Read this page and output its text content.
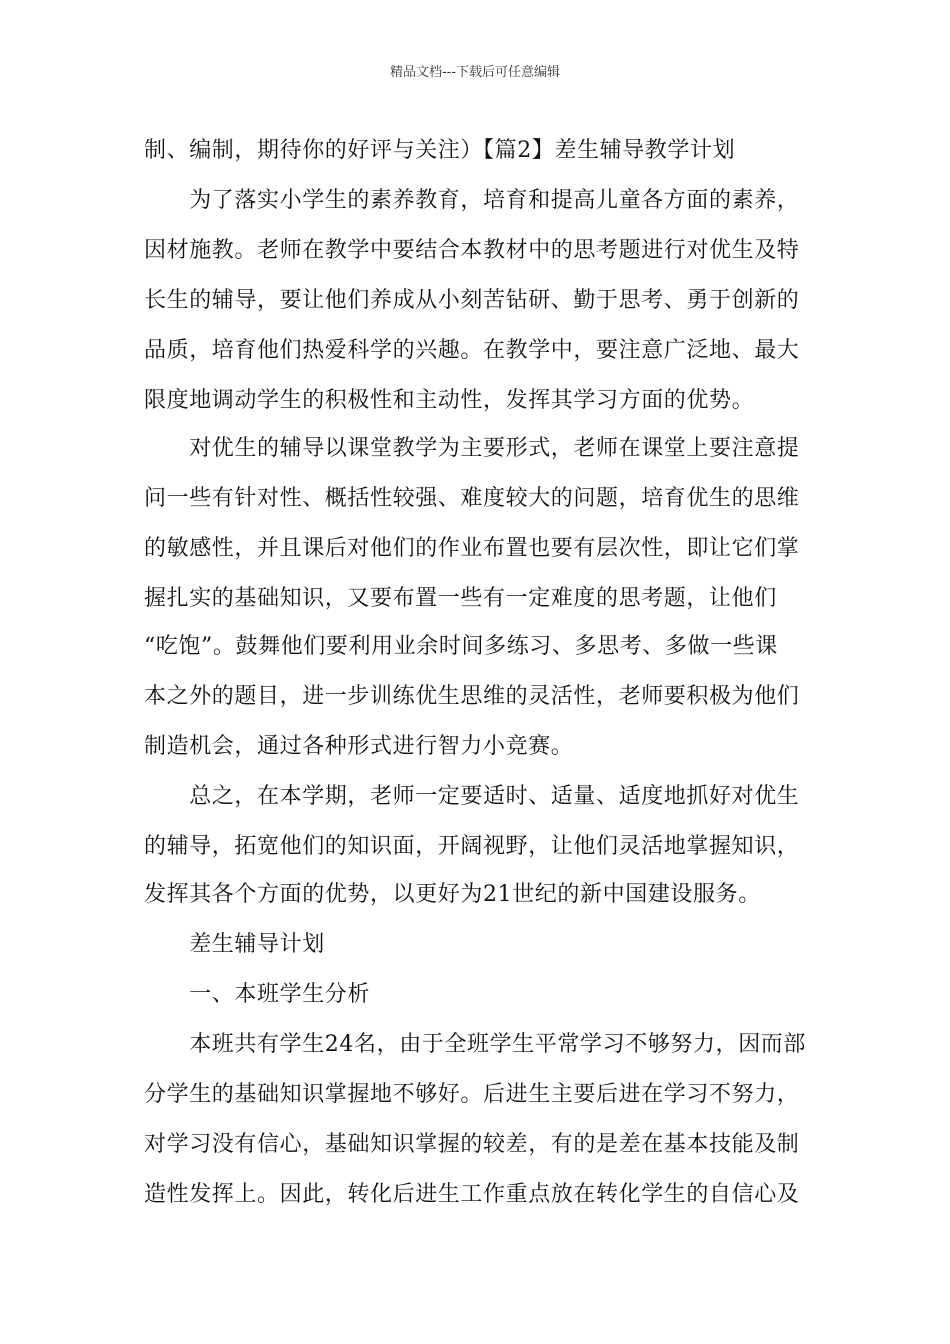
精品文档---下载后可任意编辑
制、编制，期待你的好评与关注）【篇2】差生辅导教学计划
　　为了落实小学生的素养教育，培育和提高儿童各方面的素养，
因材施教。老师在教学中要结合本教材中的思考题进行对优生及特
长生的辅导，要让他们养成从小刻苦钻研、勤于思考、勇于创新的
品质，培育他们热爱科学的兴趣。在教学中，要注意广泛地、最大
限度地调动学生的积极性和主动性，发挥其学习方面的优势。
　　对优生的辅导以课堂教学为主要形式，老师在课堂上要注意提
问一些有针对性、概括性较强、难度较大的问题，培育优生的思维
的敏感性，并且课后对他们的作业布置也要有层次性，即让它们掌
握扎实的基础知识，又要布置一些有一定难度的思考题，让他们
“吃饱”。鼓舞他们要利用业余时间多练习、多思考、多做一些课
本之外的题目，进一步训练优生思维的灵活性，老师要积极为他们
制造机会，通过各种形式进行智力小竞赛。
　　总之，在本学期，老师一定要适时、适量、适度地抓好对优生
的辅导，拓宽他们的知识面，开阔视野，让他们灵活地掌握知识，
发挥其各个方面的优势，以更好为21世纪的新中国建设服务。
　　差生辅导计划
　　一、本班学生分析
　　本班共有学生24名，由于全班学生平常学习不够努力，因而部
分学生的基础知识掌握地不够好。后进生主要后进在学习不努力，
对学习没有信心，基础知识掌握的较差，有的是差在基本技能及制
造性发挥上。因此，转化后进生工作重点放在转化学生的自信心及
